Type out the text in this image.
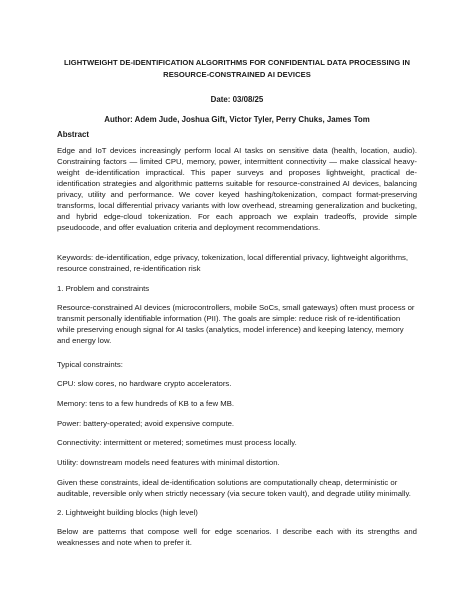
LIGHTWEIGHT DE-IDENTIFICATION ALGORITHMS FOR CONFIDENTIAL DATA PROCESSING IN RESOURCE-CONSTRAINED AI DEVICES
Date: 03/08/25
Author: Adem Jude, Joshua Gift, Victor Tyler, Perry Chuks, James Tom
Abstract
Edge and IoT devices increasingly perform local AI tasks on sensitive data (health, location, audio). Constraining factors — limited CPU, memory, power, intermittent connectivity — make classical heavy-weight de-identification impractical. This paper surveys and proposes lightweight, practical de-identification strategies and algorithmic patterns suitable for resource-constrained AI devices, balancing privacy, utility and performance. We cover keyed hashing/tokenization, compact format-preserving transforms, local differential privacy variants with low overhead, streaming generalization and bucketing, and hybrid edge-cloud tokenization. For each approach we explain tradeoffs, provide simple pseudocode, and offer evaluation criteria and deployment recommendations.
Keywords: de-identification, edge privacy, tokenization, local differential privacy, lightweight algorithms, resource constrained, re-identification risk
1. Problem and constraints
Resource-constrained AI devices (microcontrollers, mobile SoCs, small gateways) often must process or transmit personally identifiable information (PII). The goals are simple: reduce risk of re-identification while preserving enough signal for AI tasks (analytics, model inference) and keeping latency, memory and energy low.
Typical constraints:
CPU: slow cores, no hardware crypto accelerators.
Memory: tens to a few hundreds of KB to a few MB.
Power: battery-operated; avoid expensive compute.
Connectivity: intermittent or metered; sometimes must process locally.
Utility: downstream models need features with minimal distortion.
Given these constraints, ideal de-identification solutions are computationally cheap, deterministic or auditable, reversible only when strictly necessary (via secure token vault), and degrade utility minimally.
2. Lightweight building blocks (high level)
Below are patterns that compose well for edge scenarios. I describe each with its strengths and weaknesses and note when to prefer it.
